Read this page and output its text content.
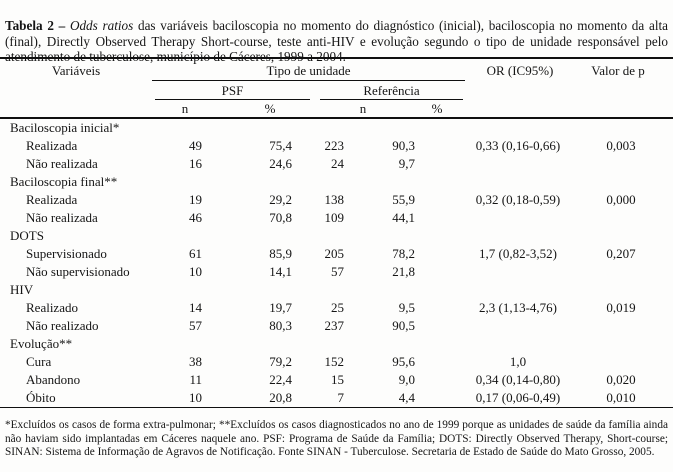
Tabela 2 – Odds ratios das variáveis baciloscopia no momento do diagnóstico (inicial), baciloscopia no momento da alta (final), Directly Observed Therapy Short-course, teste anti-HIV e evolução segundo o tipo de unidade responsável pelo atendimento de tuberculose, município de Cáceres, 1999 a 2004.

Variáveis	Tipo de unidade	OR (IC95%)	Valor de p
PSF	Referência
n	%	n	%
Baciloscopia inicial*
Realizada	49	75,4	223	90,3	0,33 (0,16-0,66)	0,003
Não realizada	16	24,6	24	9,7
Baciloscopia final**
Realizada	19	29,2	138	55,9	0,32 (0,18-0,59)	0,000
Não realizada	46	70,8	109	44,1
DOTS
Supervisionado	61	85,9	205	78,2	1,7 (0,82-3,52)	0,207
Não supervisionado	10	14,1	57	21,8
HIV
Realizado	14	19,7	25	9,5	2,3 (1,13-4,76)	0,019
Não realizado	57	80,3	237	90,5
Evolução**
Cura	38	79,2	152	95,6	1,0
Abandono	11	22,4	15	9,0	0,34 (0,14-0,80)	0,020
Óbito	10	20,8	7	4,4	0,17 (0,06-0,49)	0,010

*Excluídos os casos de forma extra-pulmonar; **Excluídos os casos diagnosticados no ano de 1999 porque as unidades de saúde da família ainda não haviam sido implantadas em Cáceres naquele ano. PSF: Programa de Saúde da Família; DOTS: Directly Observed Therapy, Short-course; SINAN: Sistema de Informação de Agravos de Notificação. Fonte SINAN - Tuberculose. Secretaria de Estado de Saúde do Mato Grosso, 2005.
